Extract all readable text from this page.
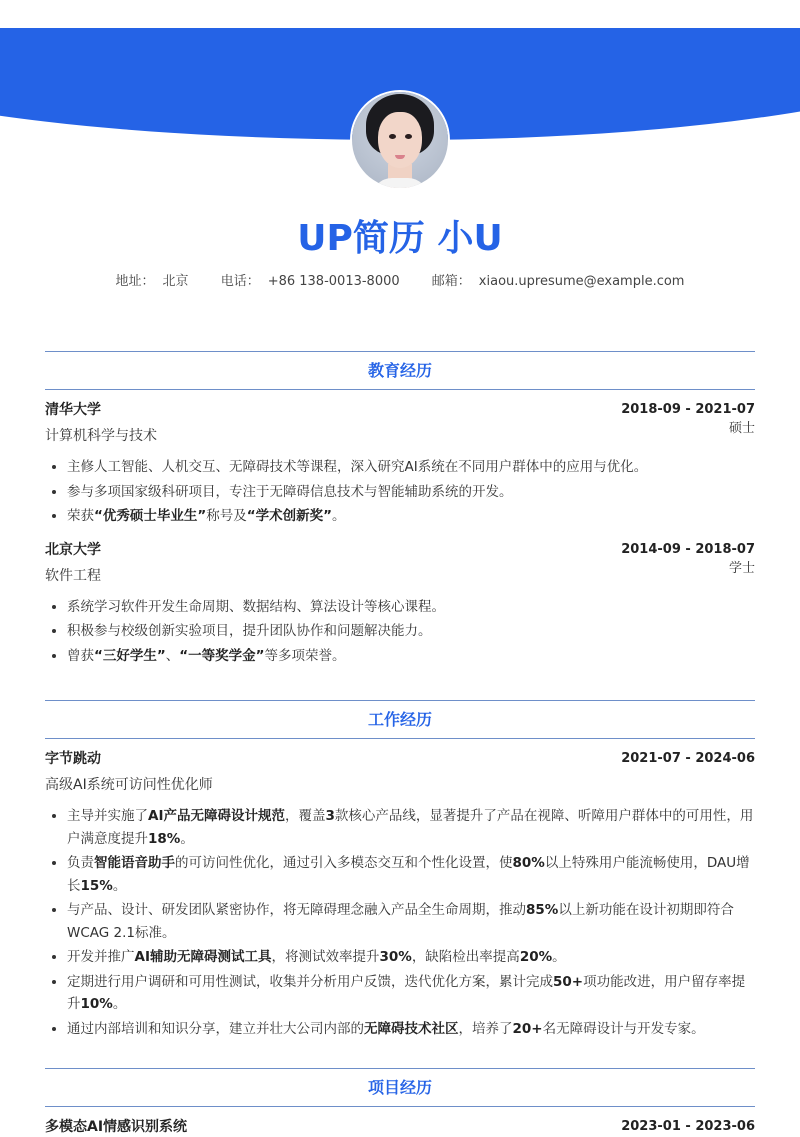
UP简历 小U
地址： 北京 电话： +86 138-0013-8000 邮箱： xiaou.upresume@example.com
教育经历
清华大学	2018-09 - 2021-07
硕士
计算机科学与技术
• 主修人工智能、人机交互、无障碍技术等课程，深入研究AI系统在不同用户群体中的应用与优化。
• 参与多项国家级科研项目，专注于无障碍信息技术与智能辅助系统的开发。
• 荣获“优秀硕士毕业生”称号及“学术创新奖”。
北京大学	2014-09 - 2018-07
学士
软件工程
• 系统学习软件开发生命周期、数据结构、算法设计等核心课程。
• 积极参与校级创新实验项目，提升团队协作和问题解决能力。
• 曾获“三好学生”、“一等奖学金”等多项荣誉。
工作经历
字节跳动	2021-07 - 2024-06
高级AI系统可访问性优化师
• 主导并实施了AI产品无障碍设计规范，覆盖3款核心产品线，显著提升了产品在视障、听障用户群体中的可用性，用户满意度提升18%。
• 负责智能语音助手的可访问性优化，通过引入多模态交互和个性化设置，使80%以上特殊用户能流畅使用，DAU增长15%。
• 与产品、设计、研发团队紧密协作，将无障碍理念融入产品全生命周期，推动85%以上新功能在设计初期即符合WCAG 2.1标准。
• 开发并推广AI辅助无障碍测试工具，将测试效率提升30%，缺陷检出率提高20%。
• 定期进行用户调研和可用性测试，收集并分析用户反馈，迭代优化方案，累计完成50+项功能改进，用户留存率提升10%。
• 通过内部培训和知识分享，建立并壮大公司内部的无障碍技术社区，培养了20+名无障碍设计与开发专家。
项目经历
多模态AI情感识别系统	2023-01 - 2023-06
